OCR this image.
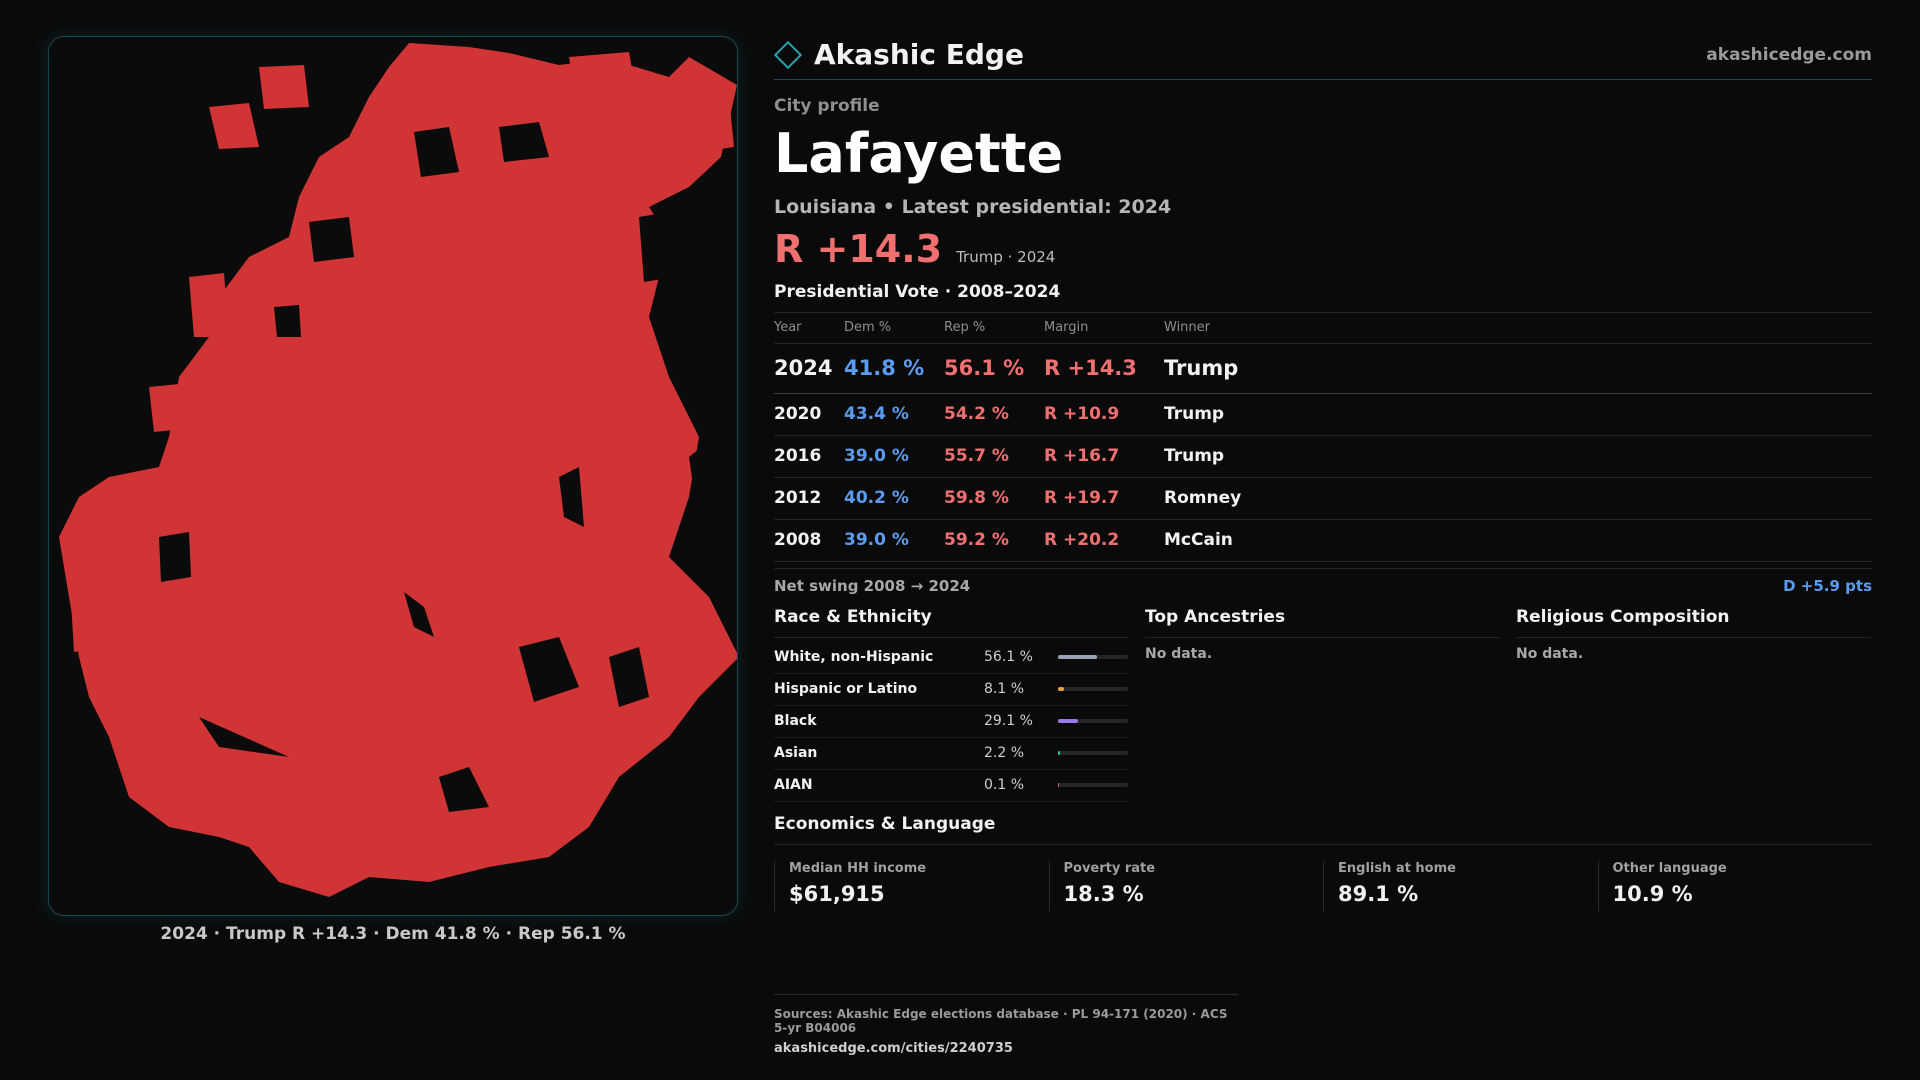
2024 · Trump R +14.3 · Dem 41.8 % · Rep 56.1 %
Akashic Edge	akashicedge.com
City profile
Lafayette
Louisiana • Latest presidential: 2024
R +14.3 Trump · 2024
Presidential Vote · 2008–2024
Year	Dem %	Rep %	Margin	Winner
2024	41.8 %	56.1 %	R +14.3	Trump
2020	43.4 %	54.2 %	R +10.9	Trump
2016	39.0 %	55.7 %	R +16.7	Trump
2012	40.2 %	59.8 %	R +19.7	Romney
2008	39.0 %	59.2 %	R +20.2	McCain
Net swing 2008 → 2024	D +5.9 pts
Race & Ethnicity
White, non-Hispanic	56.1 %
Hispanic or Latino	8.1 %
Black	29.1 %
Asian	2.2 %
AIAN	0.1 %
Top Ancestries
No data.
Religious Composition
No data.
Economics & Language
Median HH income
$61,915
Poverty rate
18.3 %
English at home
89.1 %
Other language
10.9 %
Sources: Akashic Edge elections database · PL 94-171 (2020) · ACS 5-yr B04006
akashicedge.com/cities/2240735
